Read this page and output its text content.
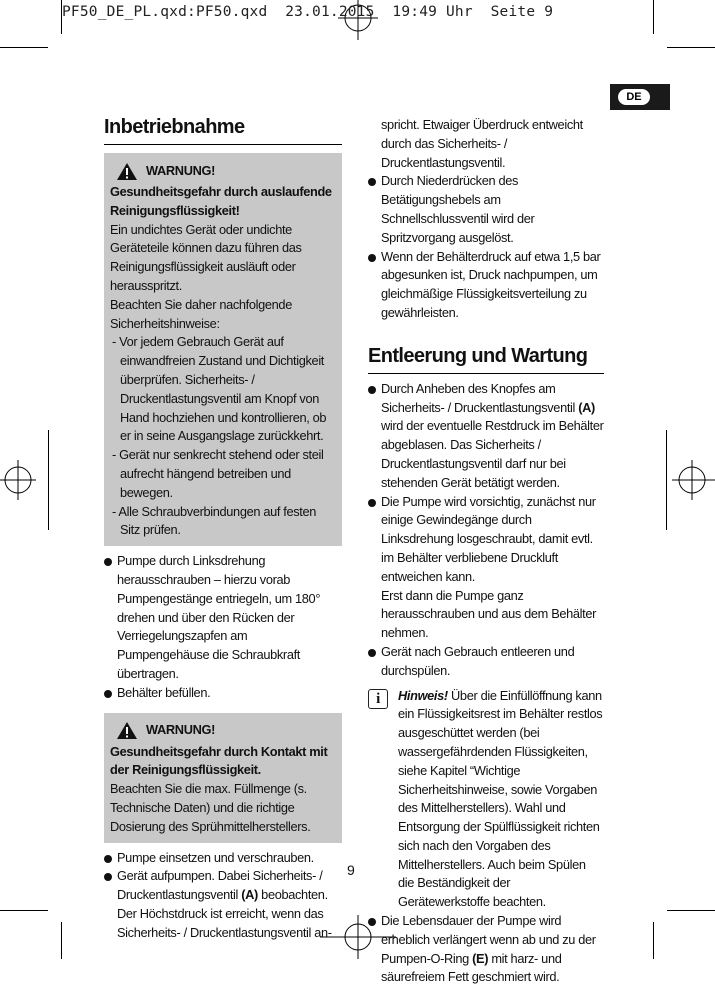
PF50_DE_PL.qxd:PF50.qxd  23.01.2015  19:49 Uhr  Seite 9
DE
Inbetriebnahme
WARNUNG!
Gesundheitsgefahr durch auslaufende Reinigungsflüssigkeit!
Ein undichtes Gerät oder undichte Geräteteile können dazu führen das Reinigungsflüssigkeit ausläuft oder herausspritzt.
Beachten Sie daher nachfolgende Sicherheitshinweise:
- Vor jedem Gebrauch Gerät auf einwandfreien Zustand und Dichtigkeit überprüfen. Sicherheits- / Druckentlastungsventil am Knopf von Hand hochziehen und kontrollieren, ob er in seine Ausgangslage zurückkehrt.
- Gerät nur senkrecht stehend oder steil aufrecht hängend betreiben und bewegen.
- Alle Schraubverbindungen auf festen Sitz prüfen.
Pumpe durch Linksdrehung herausschrauben – hierzu vorab Pumpengestänge entriegeln, um 180° drehen und über den Rücken der Verriegelungszapfen am Pumpengehäuse die Schraubkraft übertragen.
Behälter befüllen.
WARNUNG!
Gesundheitsgefahr durch Kontakt mit der Reinigungsflüssigkeit.
Beachten Sie die max. Füllmenge (s. Technische Daten) und die richtige Dosierung des Sprühmittelherstellers.
Pumpe einsetzen und verschrauben.
Gerät aufpumpen. Dabei Sicherheits- / Druckentlastungsventil (A) beobachten. Der Höchstdruck ist erreicht, wenn das Sicherheits- / Druckentlastungsventil an-
spricht. Etwaiger Überdruck entweicht durch das Sicherheits- / Druckentlastungsventil.
Durch Niederdrücken des Betätigungshebels am Schnellschlussventil wird der Spritzvorgang ausgelöst.
Wenn der Behälterdruck auf etwa 1,5 bar abgesunken ist, Druck nachpumpen, um gleichmäßige Flüssigkeitsverteilung zu gewährleisten.
Entleerung und Wartung
Durch Anheben des Knopfes am Sicherheits- / Druckentlastungsventil (A) wird der eventuelle Restdruck im Behälter abgeblasen. Das Sicherheits / Druckentlastungsventil darf nur bei stehenden Gerät betätigt werden.
Die Pumpe wird vorsichtig, zunächst nur einige Gewindegänge durch Linksdrehung losgeschraubt, damit evtl. im Behälter verbliebene Druckluft entweichen kann.
Erst dann die Pumpe ganz herausschrauben und aus dem Behälter nehmen.
Gerät nach Gebrauch entleeren und durchspülen.
i	Hinweis! Über die Einfüllöffnung kann ein Flüssigkeitsrest im Behälter restlos ausgeschüttet werden (bei wassergefährdenden Flüssigkeiten, siehe Kapitel “Wichtige Sicherheitshinweise, sowie Vorgaben des Mittelherstellers). Wahl und Entsorgung der Spülflüssigkeit richten sich nach den Vorgaben des Mittelherstellers. Auch beim Spülen die Beständigkeit der Gerätewerkstoffe beachten.
Die Lebensdauer der Pumpe wird erheblich verlängert wenn ab und zu der Pumpen-O-Ring (E) mit harz- und säurefreiem Fett geschmiert wird.
9
